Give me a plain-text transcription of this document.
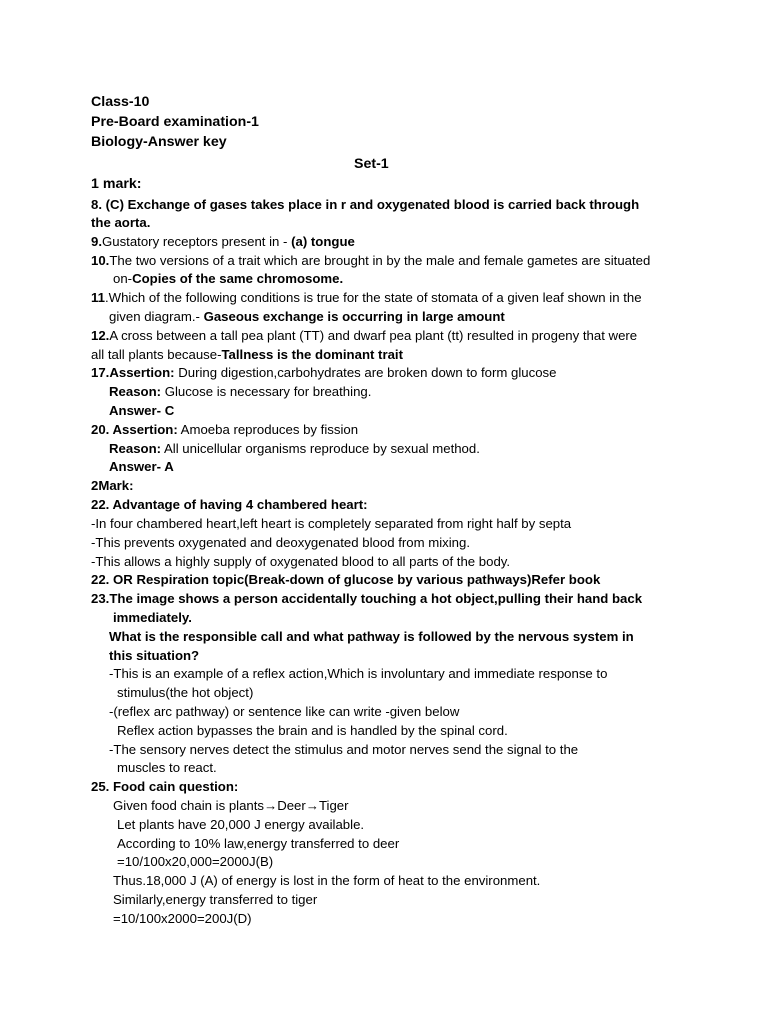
Class-10
Pre-Board examination-1
Biology-Answer key
Set-1
1 mark:
8. (C) Exchange of gases takes place in r and oxygenated blood is carried back through
the aorta.
9.Gustatory receptors present in - (a) tongue
10.The two versions of a trait which are brought in by the male and female gametes are situated
on-Copies of the same chromosome.
11.Which of the following conditions is true for the state of stomata of a given leaf shown in the
given diagram.- Gaseous exchange is occurring in large amount
12.A cross between a tall pea plant (TT) and dwarf pea plant (tt) resulted in progeny that were
all tall plants because-Tallness is the dominant trait
17.Assertion: During digestion,carbohydrates are broken down to form glucose
Reason: Glucose is necessary for breathing.
Answer- C
20. Assertion: Amoeba reproduces by fission
Reason: All unicellular organisms reproduce by sexual method.
Answer- A
2Mark:
22. Advantage of having 4 chambered heart:
-In four chambered heart,left heart is completely separated from right half by septa
-This prevents oxygenated and deoxygenated blood from mixing.
-This allows a highly supply of oxygenated blood to all parts of the body.
22. OR Respiration topic(Break-down of glucose by various pathways)Refer book
23.The image shows a person accidentally touching a hot object,pulling their hand back
immediately.
What is the responsible call and what pathway is followed by the nervous system in
this situation?
-This is an example of a reflex action,Which is involuntary and immediate response to
stimulus(the hot object)
-(reflex arc pathway) or sentence like can write -given below
Reflex action bypasses the brain and is handled by the spinal cord.
-The sensory nerves detect the stimulus and motor nerves send the signal to the
muscles to react.
25. Food cain question:
Given food chain is plants→Deer→Tiger
Let plants have 20,000 J energy available.
According to 10% law,energy transferred to deer
=10/100x20,000=2000J(B)
Thus.18,000 J (A) of energy is lost in the form of heat to the environment.
Similarly,energy transferred to tiger
=10/100x2000=200J(D)
